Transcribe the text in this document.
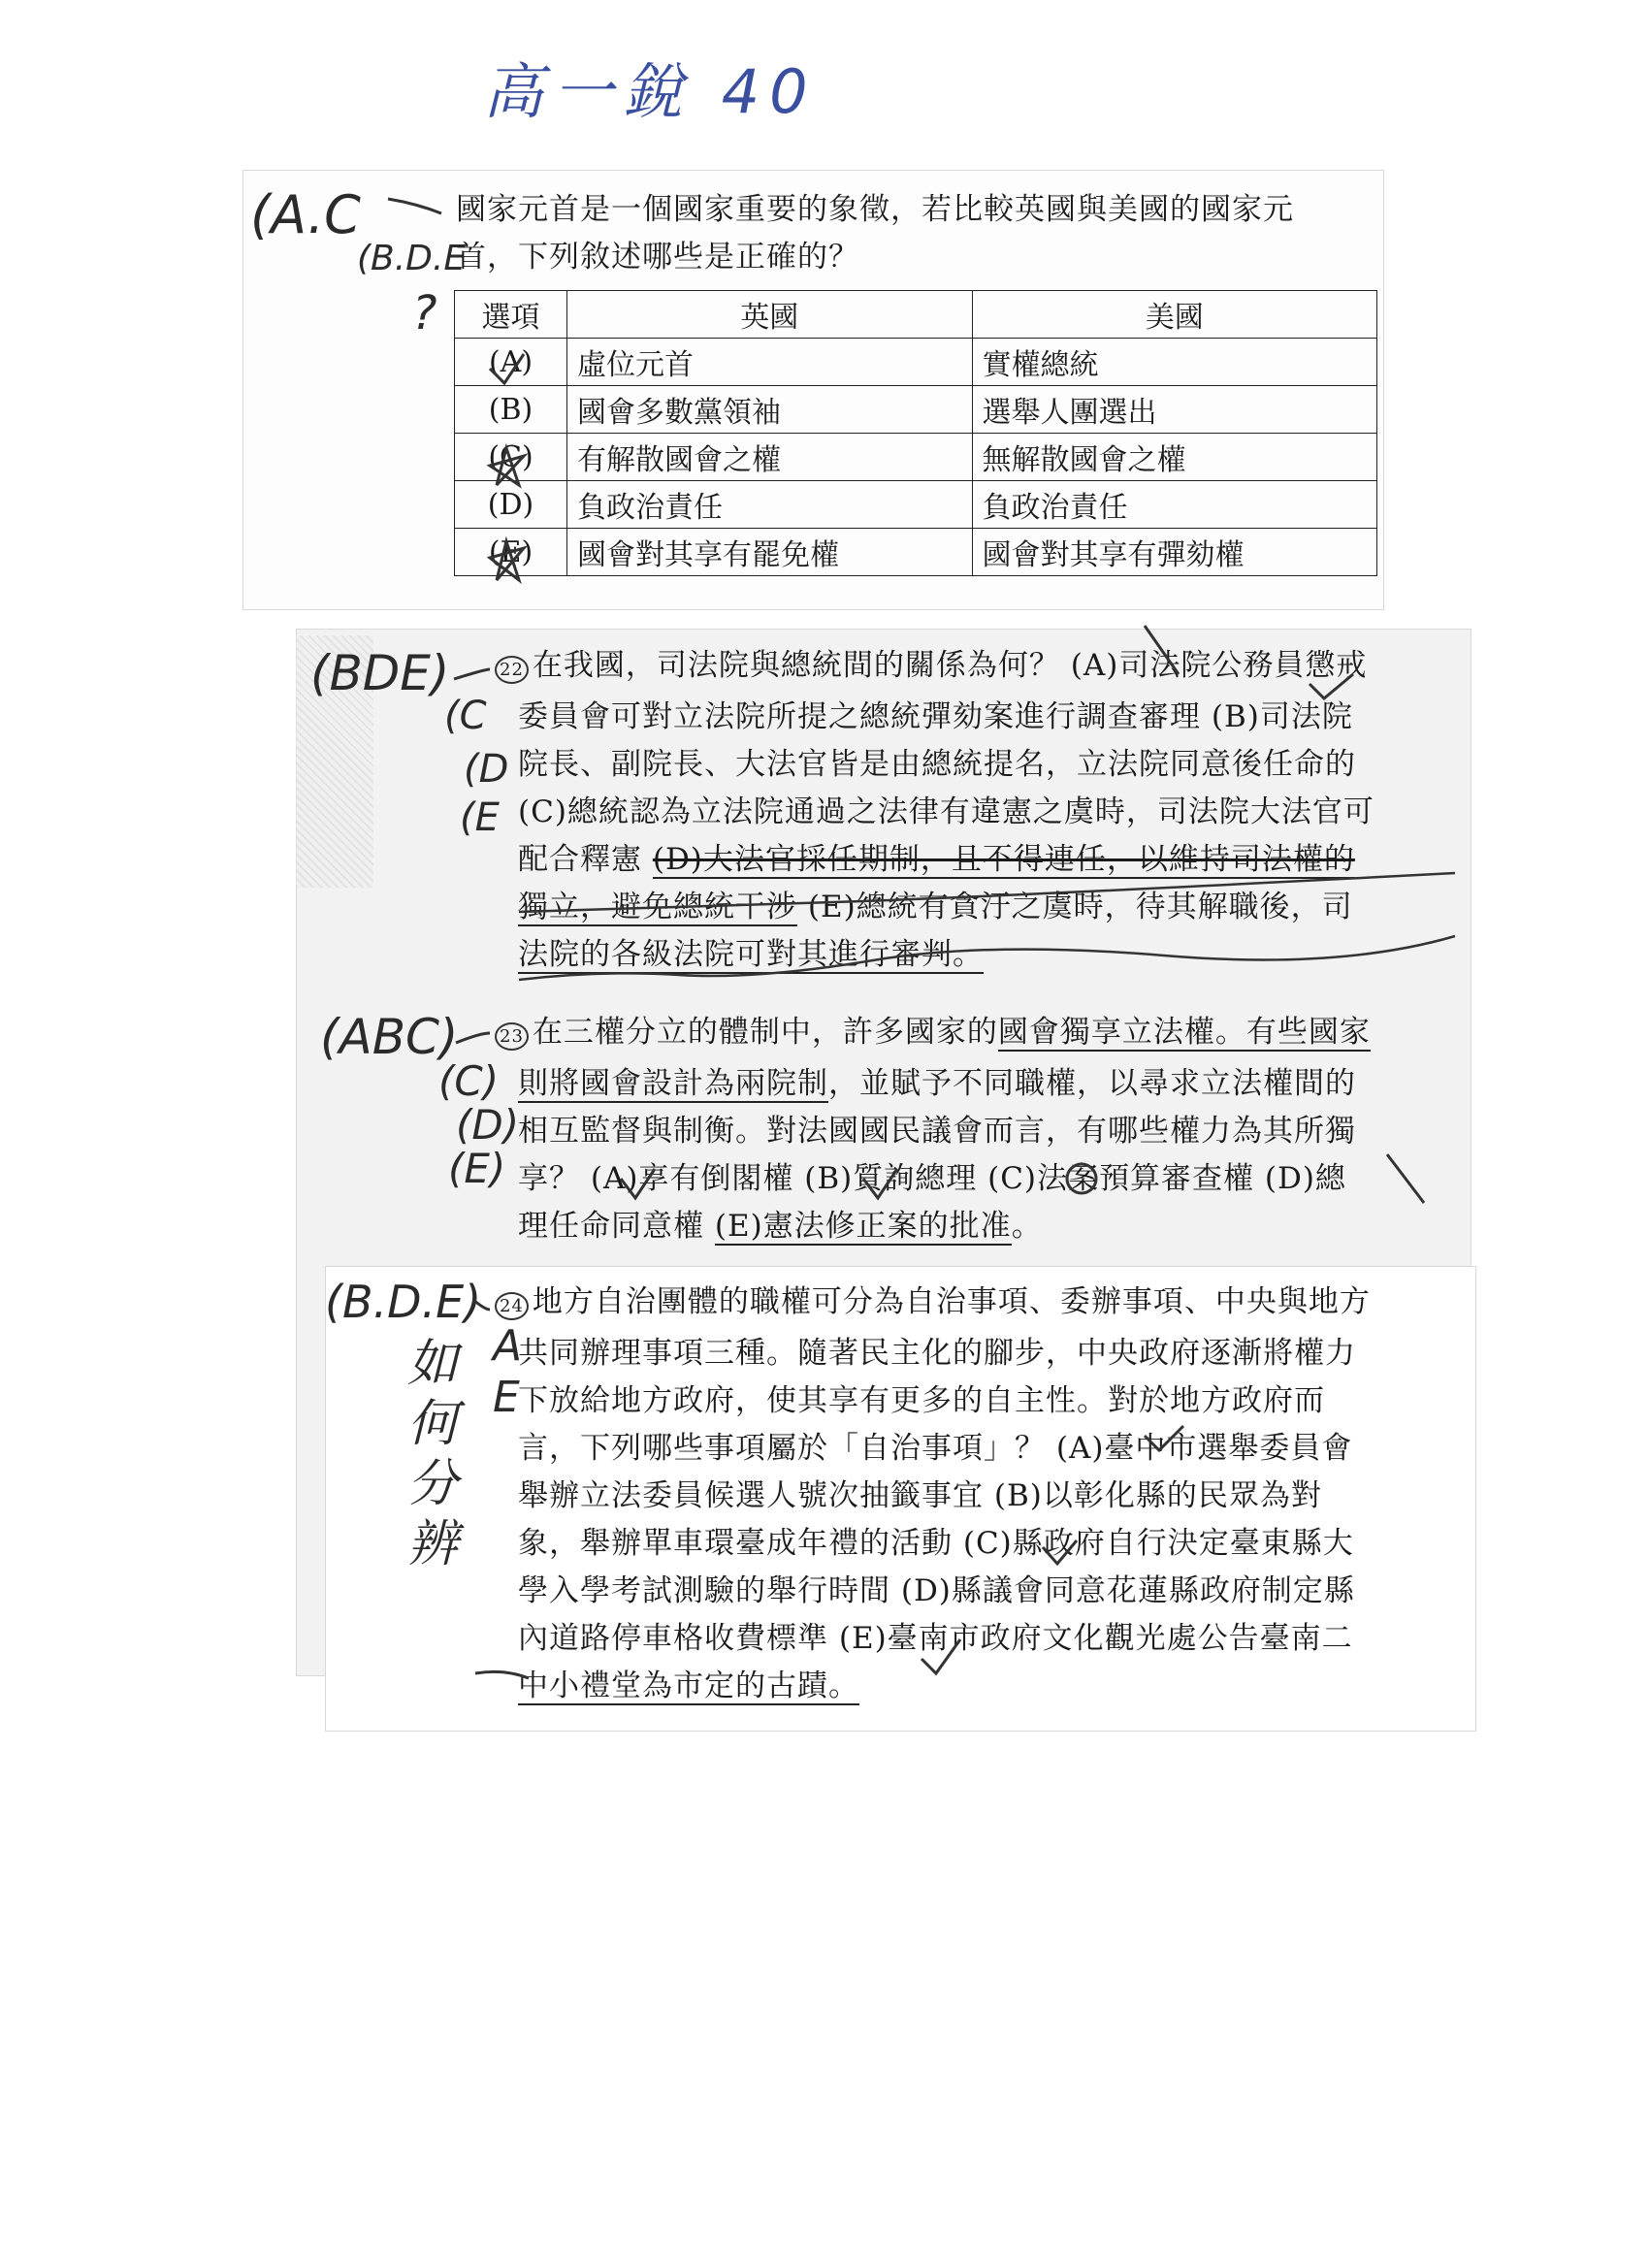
高一銳 40
(A.C
(B.D.E
?
國家元首是一個國家重要的象徵，若比較英國與美國的國家元
首，下列敘述哪些是正確的？
選項	英國	美國
(A)	虛位元首	實權總統
(B)	國會多數黨領袖	選舉人團選出
(C)	有解散國會之權	無解散國會之權
(D)	負政治責任	負政治責任
(E)	國會對其享有罷免權	國會對其享有彈劾權
(BDE)
(C
(D
(E
22 在我國，司法院與總統間的關係為何？ (A)司法院公務員懲戒
委員會可對立法院所提之總統彈劾案進行調查審理 (B)司法院
院長、副院長、大法官皆是由總統提名，立法院同意後任命的
(C)總統認為立法院通過之法律有違憲之虞時，司法院大法官可
配合釋憲 (D)大法官採任期制，且不得連任，以維持司法權的
獨立，避免總統干涉 (E)總統有貪汙之虞時，待其解職後，司
法院的各級法院可對其進行審判。
(ABC)
(C)
(D)
(E)
23 在三權分立的體制中，許多國家的國會獨享立法權。有些國家
則將國會設計為兩院制，並賦予不同職權，以尋求立法權間的
相互監督與制衡。對法國國民議會而言，有哪些權力為其所獨
享？ (A)享有倒閣權 (B)質詢總理 (C)法案預算審查權 (D)總
理任命同意權 (E)憲法修正案的批准。
(B.D.E)
A
E
如何分辨
24 地方自治團體的職權可分為自治事項、委辦事項、中央與地方
共同辦理事項三種。隨著民主化的腳步，中央政府逐漸將權力
下放給地方政府，使其享有更多的自主性。對於地方政府而
言，下列哪些事項屬於「自治事項」？ (A)臺中市選舉委員會
舉辦立法委員候選人號次抽籤事宜 (B)以彰化縣的民眾為對
象，舉辦單車環臺成年禮的活動 (C)縣政府自行決定臺東縣大
學入學考試測驗的舉行時間 (D)縣議會同意花蓮縣政府制定縣
內道路停車格收費標準 (E)臺南市政府文化觀光處公告臺南二
中小禮堂為市定的古蹟。
